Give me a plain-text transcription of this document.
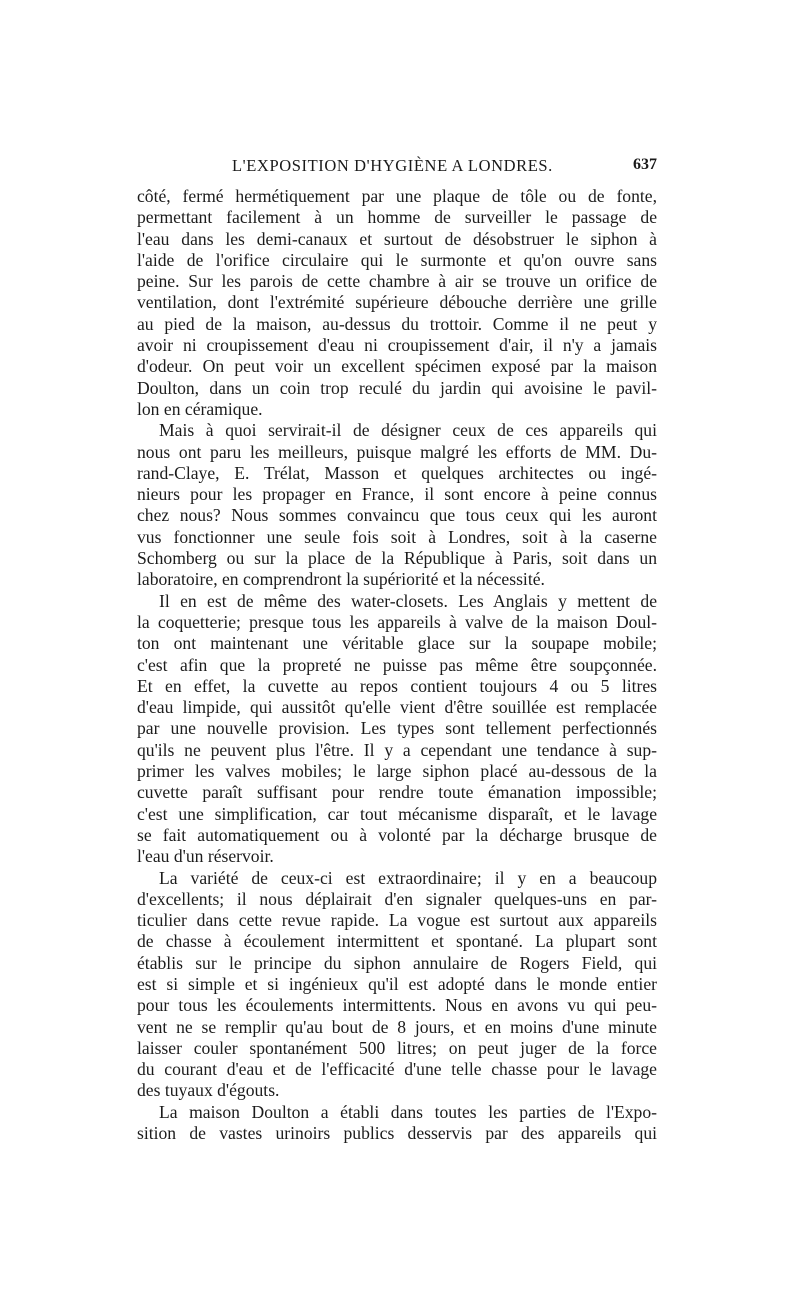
L'EXPOSITION D'HYGIÈNE A LONDRES.	637
côté, fermé hermétiquement par une plaque de tôle ou de fonte,
permettant facilement à un homme de surveiller le passage de
l'eau dans les demi-canaux et surtout de désobstruer le siphon à
l'aide de l'orifice circulaire qui le surmonte et qu'on ouvre sans
peine. Sur les parois de cette chambre à air se trouve un orifice de
ventilation, dont l'extrémité supérieure débouche derrière une grille
au pied de la maison, au-dessus du trottoir. Comme il ne peut y
avoir ni croupissement d'eau ni croupissement d'air, il n'y a jamais
d'odeur. On peut voir un excellent spécimen exposé par la maison
Doulton, dans un coin trop reculé du jardin qui avoisine le pavil-
lon en céramique.
Mais à quoi servirait-il de désigner ceux de ces appareils qui
nous ont paru les meilleurs, puisque malgré les efforts de MM. Du-
rand-Claye, E. Trélat, Masson et quelques architectes ou ingé-
nieurs pour les propager en France, il sont encore à peine connus
chez nous? Nous sommes convaincu que tous ceux qui les auront
vus fonctionner une seule fois soit à Londres, soit à la caserne
Schomberg ou sur la place de la République à Paris, soit dans un
laboratoire, en comprendront la supériorité et la nécessité.
Il en est de même des water-closets. Les Anglais y mettent de
la coquetterie; presque tous les appareils à valve de la maison Doul-
ton ont maintenant une véritable glace sur la soupape mobile;
c'est afin que la propreté ne puisse pas même être soupçonnée.
Et en effet, la cuvette au repos contient toujours 4 ou 5 litres
d'eau limpide, qui aussitôt qu'elle vient d'être souillée est remplacée
par une nouvelle provision. Les types sont tellement perfectionnés
qu'ils ne peuvent plus l'être. Il y a cependant une tendance à sup-
primer les valves mobiles; le large siphon placé au-dessous de la
cuvette paraît suffisant pour rendre toute émanation impossible;
c'est une simplification, car tout mécanisme disparaît, et le lavage
se fait automatiquement ou à volonté par la décharge brusque de
l'eau d'un réservoir.
La variété de ceux-ci est extraordinaire; il y en a beaucoup
d'excellents; il nous déplairait d'en signaler quelques-uns en par-
ticulier dans cette revue rapide. La vogue est surtout aux appareils
de chasse à écoulement intermittent et spontané. La plupart sont
établis sur le principe du siphon annulaire de Rogers Field, qui
est si simple et si ingénieux qu'il est adopté dans le monde entier
pour tous les écoulements intermittents. Nous en avons vu qui peu-
vent ne se remplir qu'au bout de 8 jours, et en moins d'une minute
laisser couler spontanément 500 litres; on peut juger de la force
du courant d'eau et de l'efficacité d'une telle chasse pour le lavage
des tuyaux d'égouts.
La maison Doulton a établi dans toutes les parties de l'Expo-
sition de vastes urinoirs publics desservis par des appareils qui
